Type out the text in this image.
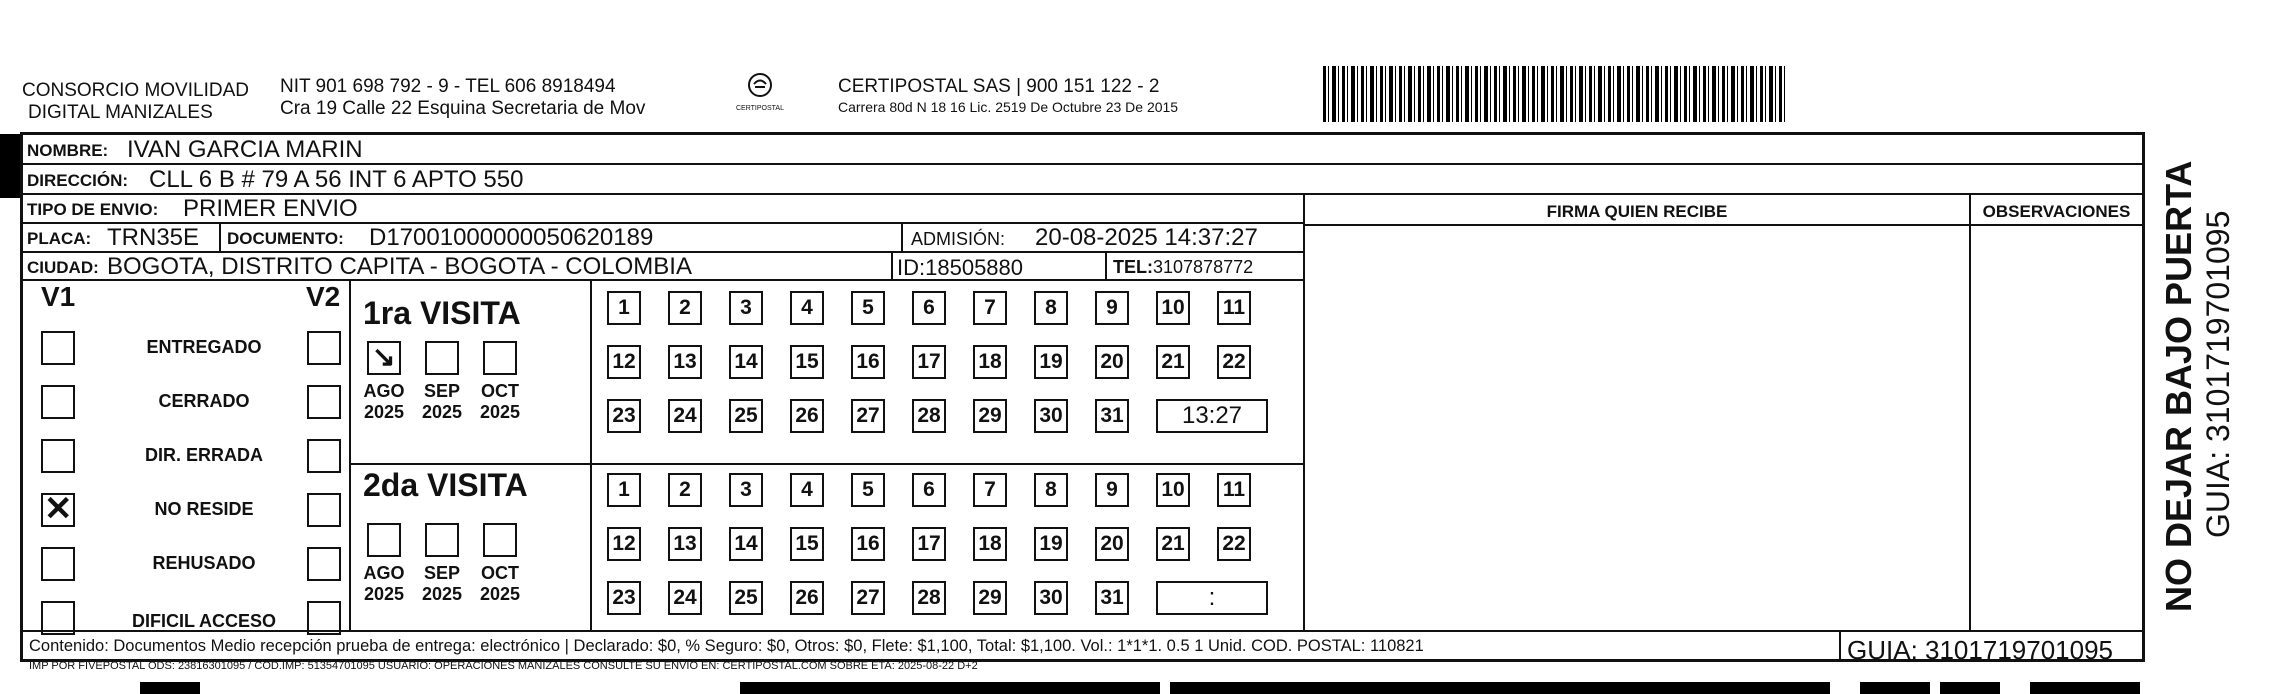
CONSORCIO MOVILIDAD
DIGITAL MANIZALES
NIT 901 698 792 - 9 - TEL 606 8918494
Cra 19 Calle 22 Esquina Secretaria de Mov	CERTIPOSTAL
CERTIPOSTAL SAS | 900 151 122 - 2
Carrera 80d N 18 16 Lic. 2519 De Octubre 23 De 2015
NOMBRE: IVAN GARCIA MARIN
DIRECCIÓN: CLL 6 B # 79 A 56 INT 6 APTO 550
TIPO DE ENVIO: PRIMER ENVIO
PLACA: TRN35E DOCUMENTO: D17001000000050620189	ADMISIÓN: 20-08-2025 14:37:27
CIUDAD: BOGOTA, DISTRITO CAPITA - BOGOTA - COLOMBIA	ID:18505880	TEL:3107878772
FIRMA QUIEN RECIBE	OBSERVACIONES
V1	V2 1ra VISITA
2da VISITA
Contenido: Documentos Medio recepción prueba de entrega: electrónico | Declarado: $0, % Seguro: $0, Otros: $0, Flete: $1,100, Total: $1,100. Vol.: 1*1*1. 0.5 1 Unid. COD. POSTAL: 110821
IMP POR FIVEPOSTAL ODS: 23816301095 / COD.IMP: 51354701095 USUARIO: OPERACIONES MANIZALES CONSULTE SU ENVIO EN: CERTIPOSTAL.COM SOBRE ETA: 2025-08-22 D+2
GUIA: 3101719701095
ENTREGADO
CERRADO
DIR. ERRADA
✕	NO RESIDE
REHUSADO
DIFICIL ACCESO
↘
AGO
2025
SEP
2025
OCT
2025
1	2	3	4	5	6	7	8	9	10 11
12 13 14 15 16 17 18 19 20 21 22
23 24 25 26 27 28 29 30 31	13:27
AGO
2025
SEP
2025
OCT
2025
1	2	3	4	5	6	7	8	9	10 11
12 13 14 15 16 17 18 19 20 21 22
23 24 25 26 27 28 29 30 31	:	NO DEJAR BAJO PUERTA GUIA: 3101719701095
